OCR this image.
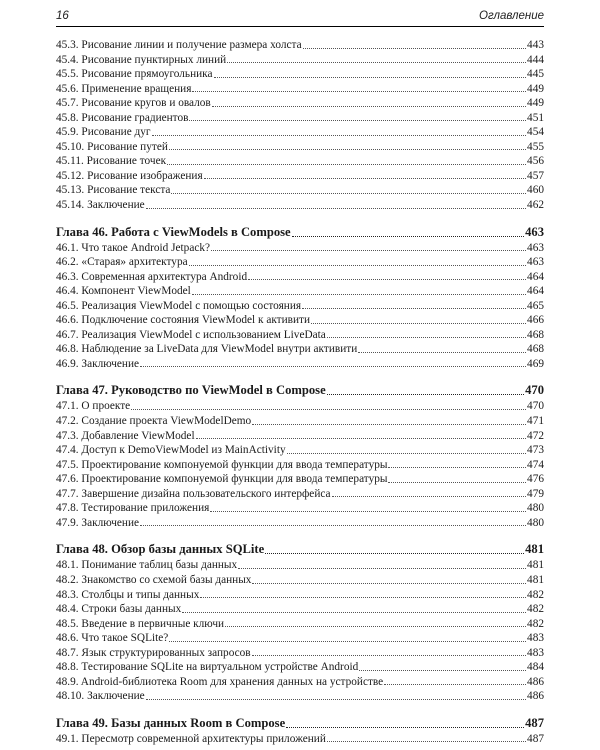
16	Оглавление
45.3. Рисование линии и получение размера холста	443
45.4. Рисование пунктирных линий	444
45.5. Рисование прямоугольника	445
45.6. Применение вращения	449
45.7. Рисование кругов и овалов	449
45.8. Рисование градиентов	451
45.9. Рисование дуг	454
45.10. Рисование путей	455
45.11. Рисование точек	456
45.12. Рисование изображения	457
45.13. Рисование текста	460
45.14. Заключение	462
Глава 46. Работа с ViewModels в Compose	463
46.1. Что такое Android Jetpack?	463
46.2. «Старая» архитектура	463
46.3. Современная архитектура Android	464
46.4. Компонент ViewModel	464
46.5. Реализация ViewModel с помощью состояния	465
46.6. Подключение состояния ViewModel к активити	466
46.7. Реализация ViewModel с использованием LiveData	468
46.8. Наблюдение за LiveData для ViewModel внутри активити	468
46.9. Заключение	469
Глава 47. Руководство по ViewModel в Compose	470
47.1. О проекте	470
47.2. Создание проекта ViewModelDemo	471
47.3. Добавление ViewModel	472
47.4. Доступ к DemoViewModel из MainActivity	473
47.5. Проектирование компонуемой функции для ввода температуры	474
47.6. Проектирование компонуемой функции для ввода температуры	476
47.7. Завершение дизайна пользовательского интерфейса	479
47.8. Тестирование приложения	480
47.9. Заключение	480
Глава 48. Обзор базы данных SQLite	481
48.1. Понимание таблиц базы данных	481
48.2. Знакомство со схемой базы данных	481
48.3. Столбцы и типы данных	482
48.4. Строки базы данных	482
48.5. Введение в первичные ключи	482
48.6. Что такое SQLite?	483
48.7. Язык структурированных запросов	483
48.8. Тестирование SQLite на виртуальном устройстве Android	484
48.9. Android-библиотека Room для хранения данных на устройстве	486
48.10. Заключение	486
Глава 49. Базы данных Room в Compose	487
49.1. Пересмотр современной архитектуры приложений	487
